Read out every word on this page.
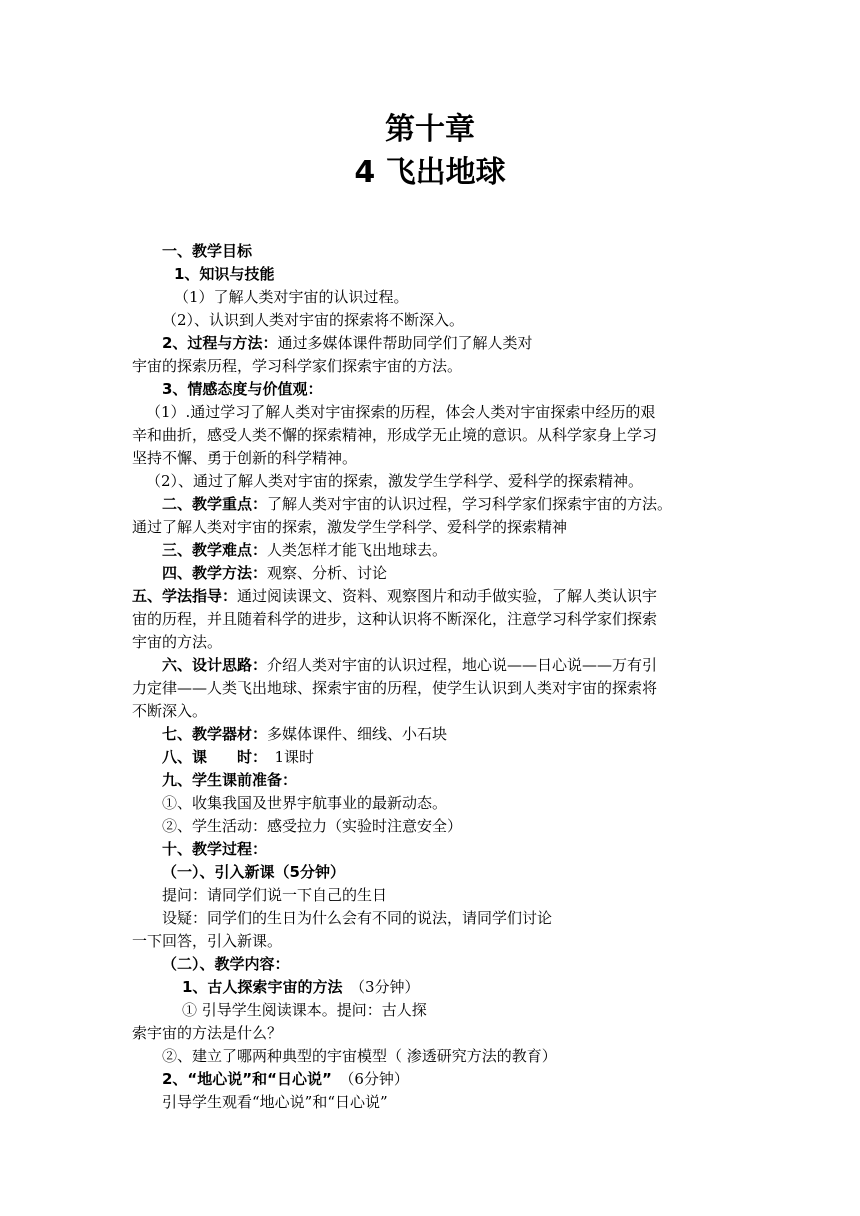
第十章
4 飞出地球
一、教学目标
1、知识与技能
（1）了解人类对宇宙的认识过程。
（2）、认识到人类对宇宙的探索将不断深入。
2、过程与方法：通过多媒体课件帮助同学们了解人类对
宇宙的探索历程，学习科学家们探索宇宙的方法。
3、情感态度与价值观：
（1）.通过学习了解人类对宇宙探索的历程，体会人类对宇宙探索中经历的艰
辛和曲折，感受人类不懈的探索精神，形成学无止境的意识。从科学家身上学习
坚持不懈、勇于创新的科学精神。
（2）、通过了解人类对宇宙的探索，激发学生学科学、爱科学的探索精神。
二、教学重点：了解人类对宇宙的认识过程，学习科学家们探索宇宙的方法。
通过了解人类对宇宙的探索，激发学生学科学、爱科学的探索精神
三、教学难点：人类怎样才能飞出地球去。
四、教学方法：观察、分析、讨论
五、学法指导：通过阅读课文、资料、观察图片和动手做实验，了解人类认识宇
宙的历程，并且随着科学的进步，这种认识将不断深化，注意学习科学家们探索
宇宙的方法。
六、设计思路：介绍人类对宇宙的认识过程，地心说——日心说——万有引
力定律——人类飞出地球、探索宇宙的历程，使学生认识到人类对宇宙的探索将
不断深入。
七、教学器材：多媒体课件、细线、小石块
八、课　　时：　1课时
九、学生课前准备：
①、收集我国及世界宇航事业的最新动态。
②、学生活动：感受拉力（实验时注意安全）
十、教学过程：
（一）、引入新课（5分钟）
提问：请同学们说一下自己的生日
设疑：同学们的生日为什么会有不同的说法，请同学们讨论
一下回答，引入新课。
（二）、教学内容：
1、古人探索宇宙的方法　（3分钟）
① 引导学生阅读课本。提问：古人探
索宇宙的方法是什么？
②、建立了哪两种典型的宇宙模型（ 渗透研究方法的教育）
2、“地心说”和“日心说”　（6分钟）
引导学生观看“地心说”和“日心说”
